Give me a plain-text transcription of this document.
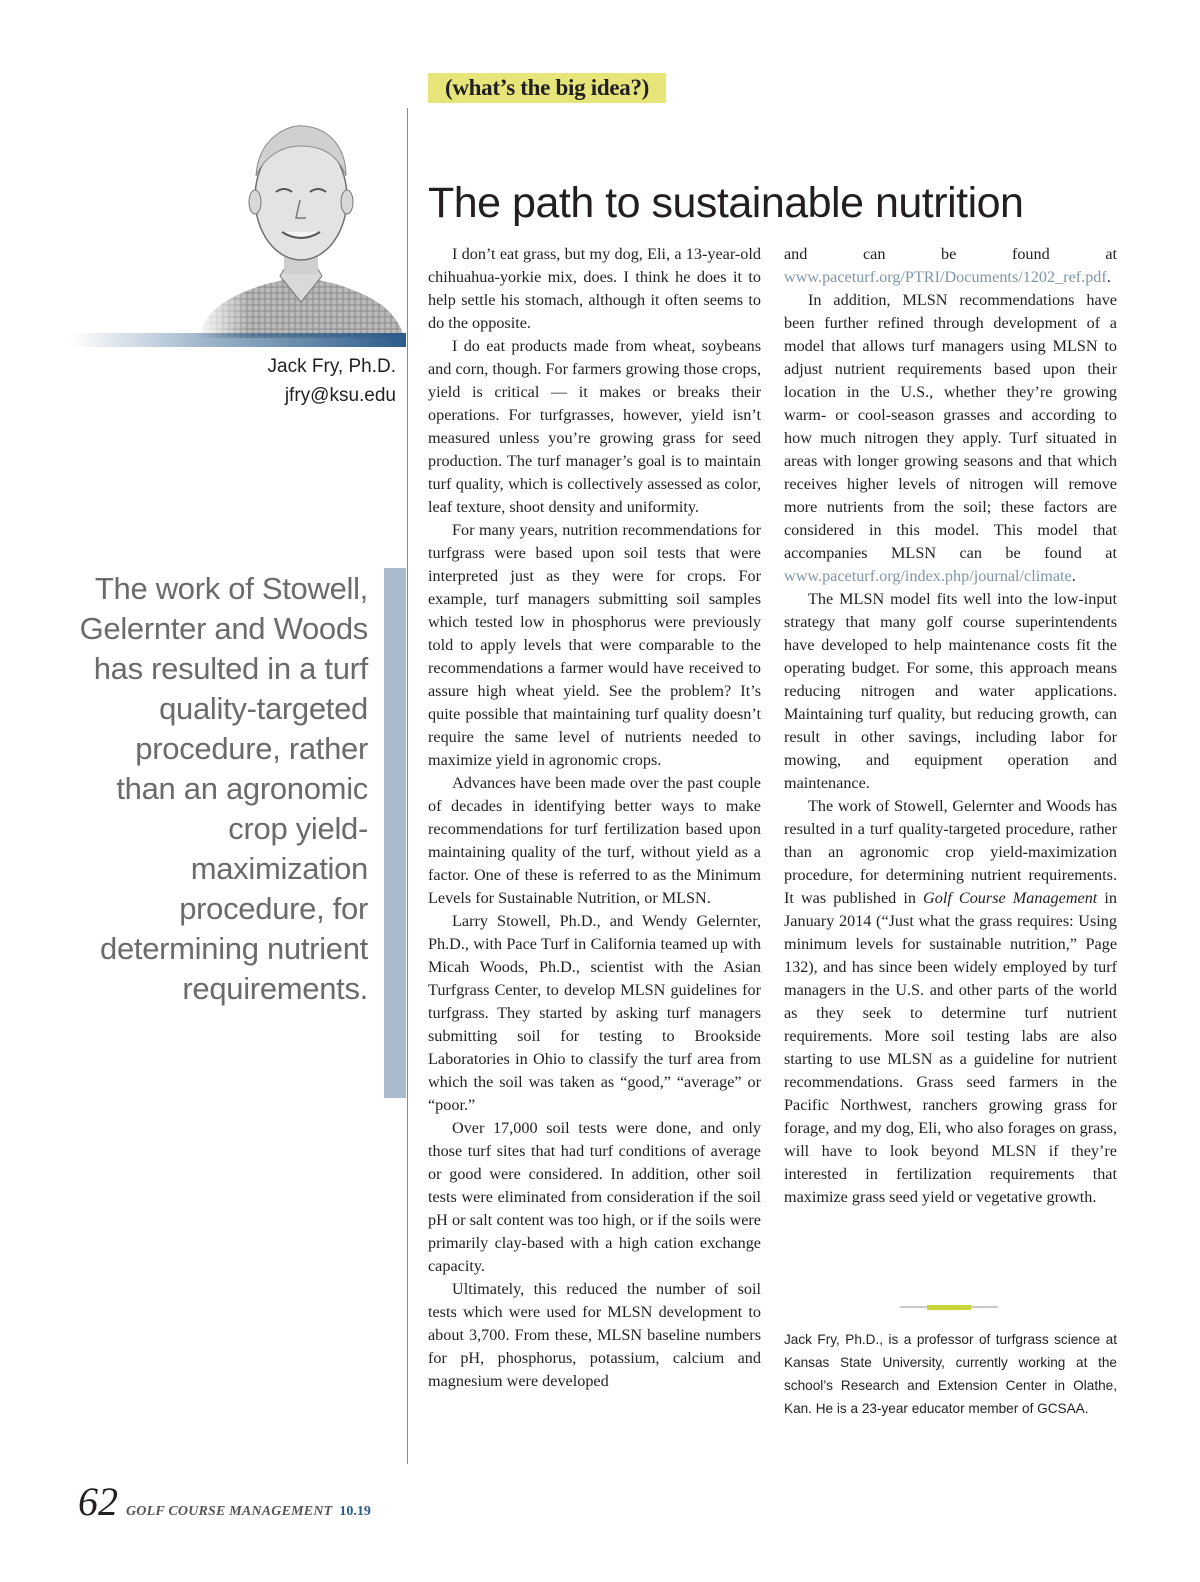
(what’s the big idea?)
The path to sustainable nutrition
Jack Fry, Ph.D.
jfry@ksu.edu

The work of Stowell, Gelernter and Woods has resulted in a turf quality-targeted procedure, rather than an agronomic crop yield-maximization procedure, for determining nutrient requirements.

I don’t eat grass, but my dog, Eli, a 13-year-old chihuahua-yorkie mix, does. I think he does it to help settle his stomach, although it often seems to do the opposite.

I do eat products made from wheat, soybeans and corn, though. For farmers growing those crops, yield is critical — it makes or breaks their operations. For turfgrasses, however, yield isn’t measured unless you’re growing grass for seed production. The turf manager’s goal is to maintain turf quality, which is collectively assessed as color, leaf texture, shoot density and uniformity.

For many years, nutrition recommendations for turfgrass were based upon soil tests that were interpreted just as they were for crops. For example, turf managers submitting soil samples which tested low in phosphorus were previously told to apply levels that were comparable to the recommendations a farmer would have received to assure high wheat yield. See the problem? It’s quite possible that maintaining turf quality doesn’t require the same level of nutrients needed to maximize yield in agronomic crops.

Advances have been made over the past couple of decades in identifying better ways to make recommendations for turf fertilization based upon maintaining quality of the turf, without yield as a factor. One of these is referred to as the Minimum Levels for Sustainable Nutrition, or MLSN.

Larry Stowell, Ph.D., and Wendy Gelernter, Ph.D., with Pace Turf in California teamed up with Micah Woods, Ph.D., scientist with the Asian Turfgrass Center, to develop MLSN guidelines for turfgrass. They started by asking turf managers submitting soil for testing to Brookside Laboratories in Ohio to classify the turf area from which the soil was taken as “good,” “average” or “poor.”

Over 17,000 soil tests were done, and only those turf sites that had turf conditions of average or good were considered. In addition, other soil tests were eliminated from consideration if the soil pH or salt content was too high, or if the soils were primarily clay-based with a high cation exchange capacity.

Ultimately, this reduced the number of soil tests which were used for MLSN development to about 3,700. From these, MLSN baseline numbers for pH, phosphorus, potassium, calcium and magnesium were developed

and can be found at www.paceturf.org/PTRI/Documents/1202_ref.pdf.

In addition, MLSN recommendations have been further refined through development of a model that allows turf managers using MLSN to adjust nutrient requirements based upon their location in the U.S., whether they’re growing warm- or cool-season grasses and according to how much nitrogen they apply. Turf situated in areas with longer growing seasons and that which receives higher levels of nitrogen will remove more nutrients from the soil; these factors are considered in this model. This model that accompanies MLSN can be found at www.paceturf.org/index.php/journal/climate.

The MLSN model fits well into the low-input strategy that many golf course superintendents have developed to help maintenance costs fit the operating budget. For some, this approach means reducing nitrogen and water applications. Maintaining turf quality, but reducing growth, can result in other savings, including labor for mowing, and equipment operation and maintenance.

The work of Stowell, Gelernter and Woods has resulted in a turf quality-targeted procedure, rather than an agronomic crop yield-maximization procedure, for determining nutrient requirements. It was published in Golf Course Management in January 2014 (“Just what the grass requires: Using minimum levels for sustainable nutrition,” Page 132), and has since been widely employed by turf managers in the U.S. and other parts of the world as they seek to determine turf nutrient requirements. More soil testing labs are also starting to use MLSN as a guideline for nutrient recommendations. Grass seed farmers in the Pacific Northwest, ranchers growing grass for forage, and my dog, Eli, who also forages on grass, will have to look beyond MLSN if they’re interested in fertilization requirements that maximize grass seed yield or vegetative growth.

Jack Fry, Ph.D., is a professor of turfgrass science at Kansas State University, currently working at the school’s Research and Extension Center in Olathe, Kan. He is a 23-year educator member of GCSAA.

62 GOLF COURSE MANAGEMENT 10.19
